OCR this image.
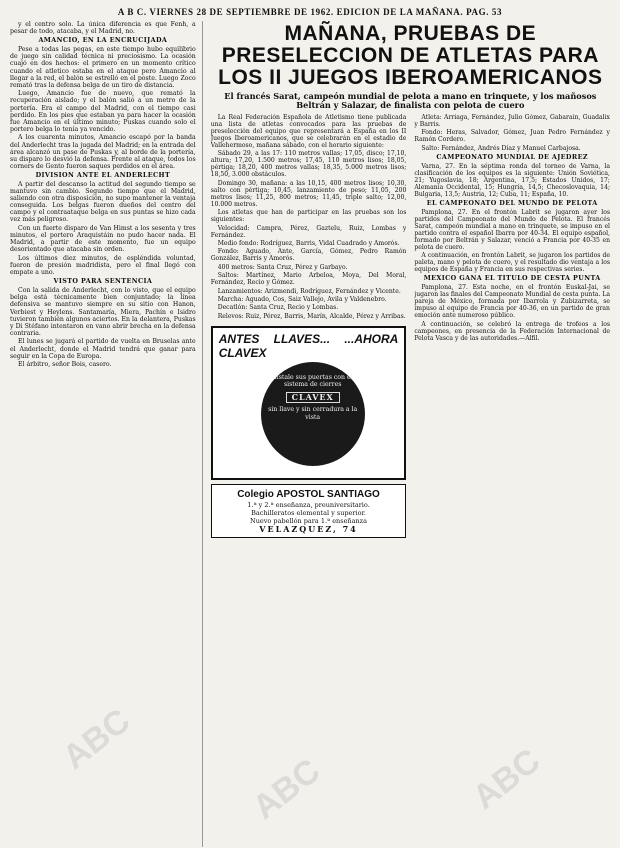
A B C. VIERNES 28 DE SEPTIEMBRE DE 1962. EDICION DE LA MAÑANA. PAG. 53

y el centro solo. La única diferencia es que Fenh, a pesar de todo, atacaba, y el Madrid, no.

AMANCIO, EN LA ENCRUCIJADA

Pese a todas las pegas, en este tiempo hubo equilibrio de juego sin calidad técnica ni preciosismo. La ocasión cuajó en dos hechos: el primero en un momento crítico cuando el atletico estaba en el ataque pero Amancio al llegar a la red, el balón se estrelló en el poste. Luego Zoco remató tras la defensa belga de un tiro de distancia.

Luego, Amancio fue de nuevo, que remató la recuperación aislado; y el balón salió a un metro de la portería. Era el campo del Madrid, con el tiempo casi perdido. En los pies que estaban ya para hacer la ocasión fue Amancio en el último minuto; Puskas cuando solo el portero belga lo tenía ya vencido.

A los cuarenta minutos, Amancio escapó por la banda del Anderlecht tras la jugada del Madrid; en la entrada del área alcanzó un pase de Puskas y, al borde de la portería, su disparo lo desvió la defensa. Frente al ataque, todos los corners de Gento fueron saques perdidos en el área.

DIVISION ANTE EL ANDERLECHT

A partir del descanso la actitud del segundo tiempo se mantuvo sin cambio. Segundo tiempo que el Madrid, saliendo con otra disposición, no supo mantener la ventaja conseguida. Los belgas fueron dueños del centro del campo y el contraataque belga en sus puntas se hizo cada vez más peligroso.

Con un fuerte disparo de Van Himst a los sesenta y tres minutos, el portero Araquistáin no pudo hacer nada. El Madrid, a partir de este momento, fue un equipo desorientado que atacaba sin orden.

Los últimos diez minutos, de espléndida voluntad, fueron de presión madridista, pero el final llegó con empate a uno.

VISTO PARA SENTENCIA

Con la salida de Anderlecht, con lo visto, que el equipo belga está técnicamente bien conjuntado; la línea defensiva se mantuvo siempre en su sitio con Hanon, Verbiest y Heylens. Santamaría, Miera, Pachín e Isidro tuvieron también algunos aciertos. En la delantera, Puskas y Di Stéfano intentaron en vano abrir brecha en la defensa contraria.

El lunes se jugará el partido de vuelta en Bruselas ante el Anderlecht, donde el Madrid tendrá que ganar para seguir en la Copa de Europa.

El árbitro, señor Bois, casero.

MAÑANA, PRUEBAS DE PRESELECCION DE ATLETAS PARA LOS II JUEGOS IBEROAMERICANOS
El francés Sarat, campeón mundial de pelota a mano en trinquete, y los mañosos Beltrán y Salazar, de finalista con pelota de cuero

La Real Federación Española de Atletismo tiene publicada una lista de atletas convocados para las pruebas de preselección del equipo que representará a España en los II Juegos Iberoamericanos, que se celebrarán en el estadio de Vallehermoso, mañana sábado, con el horario siguiente:

Sábado 29, a las 17: 110 metros vallas; 17,05, disco; 17,10, altura; 17,20, 1.500 metros; 17,45, 110 metros lisos; 18,05, pértiga; 18,20, 400 metros vallas; 18,35, 5.000 metros lisos; 18,50, 3.000 obstáculos.

Domingo 30, mañana: a las 10,15, 400 metros lisos; 10,30, salto con pértiga; 10,45, lanzamiento de peso; 11,05, 200 metros lisos; 11,25, 800 metros; 11,45, triple salto; 12,00, 10.000 metros.

Los atletas que han de participar en las pruebas son los siguientes:

Velocidad: Campra, Pérez, Gaztelu, Ruiz, Lombas y Fernández.

Medio fondo: Rodríguez, Barris, Vidal Cuadrado y Amorós.

Fondo: Aguado, Ante, García, Gómez, Pedro Ramón González, Barris y Amorós.

400 metros: Santa Cruz, Pérez y Garbayo.

Saltos: Martínez, Mario Arbeloa, Moya, Del Moral, Fernández, Recio y Gómez.

Lanzamientos: Arizmendi, Rodríguez, Fernández y Vicente.

Marcha: Aguado, Cos, Saiz Vallejo, Avila y Valdenebro.

Decatlón: Santa Cruz, Recio y Lombas.

Relevos: Ruiz, Pérez, Barris, Marín, Alcalde, Pérez y Arribas.

ANTES LLAVES... ...AHORA CLAVEX
instale sus puertas con el sistema de cierres
CLAVEX
sin llave y sin cerradura a la vista
Colegio APOSTOL SANTIAGO
1.ª y 2.ª enseñanza, preuniversitario.
Bachilleratos elemental y superior.
Nuevo pabellón para 1.ª enseñanza
VELAZQUEZ, 74

Atleta: Arriaga, Fernández, Julio Gómez, Gabarain, Guadalix y Barris.

Fondo: Heras, Salvador, Gómez, Juan Pedro Fernández y Ramón Cordero.

Salto: Fernández, Andrés Díaz y Manuel Carbajosa.

CAMPEONATO MUNDIAL DE AJEDREZ

Varna, 27. En la séptima ronda del torneo de Varna, la clasificación de los equipos es la siguiente: Unión Soviética, 21; Yugoslavia, 18; Argentina, 17,5; Estados Unidos, 17; Alemania Occidental, 15; Hungría, 14,5; Checoslovaquia, 14; Bulgaria, 13,5; Austria, 12; Cuba, 11; España, 10.

EL CAMPEONATO DEL MUNDO DE PELOTA

Pamplona, 27. En el frontón Labrit se jugaron ayer los partidos del Campeonato del Mundo de Pelota. El francés Sarat, campeón mundial a mano en trinquete, se impuso en el partido contra el español Ibarra por 40-34. El equipo español, formado por Beltrán y Salazar, venció a Francia por 40-35 en pelota de cuero.

A continuación, en frontón Labrit, se jugaron los partidos de paleta, mano y pelota de cuero, y el resultado dio ventaja a los equipos de España y Francia en sus respectivas series.

MEXICO GANA EL TITULO DE CESTA PUNTA

Pamplona, 27. Esta noche, en el frontón Euskal-Jai, se jugaron las finales del Campeonato Mundial de cesta punta. La pareja de México, formada por Ibarrola y Zubizarreta, se impuso al equipo de Francia por 40-36, en un partido de gran emoción ante numeroso público.

A continuación, se celebró la entrega de trofeos a los campeones, en presencia de la Federación Internacional de Pelota Vasca y de las autoridades.—Alfil.

ABC
ABC	ABC
